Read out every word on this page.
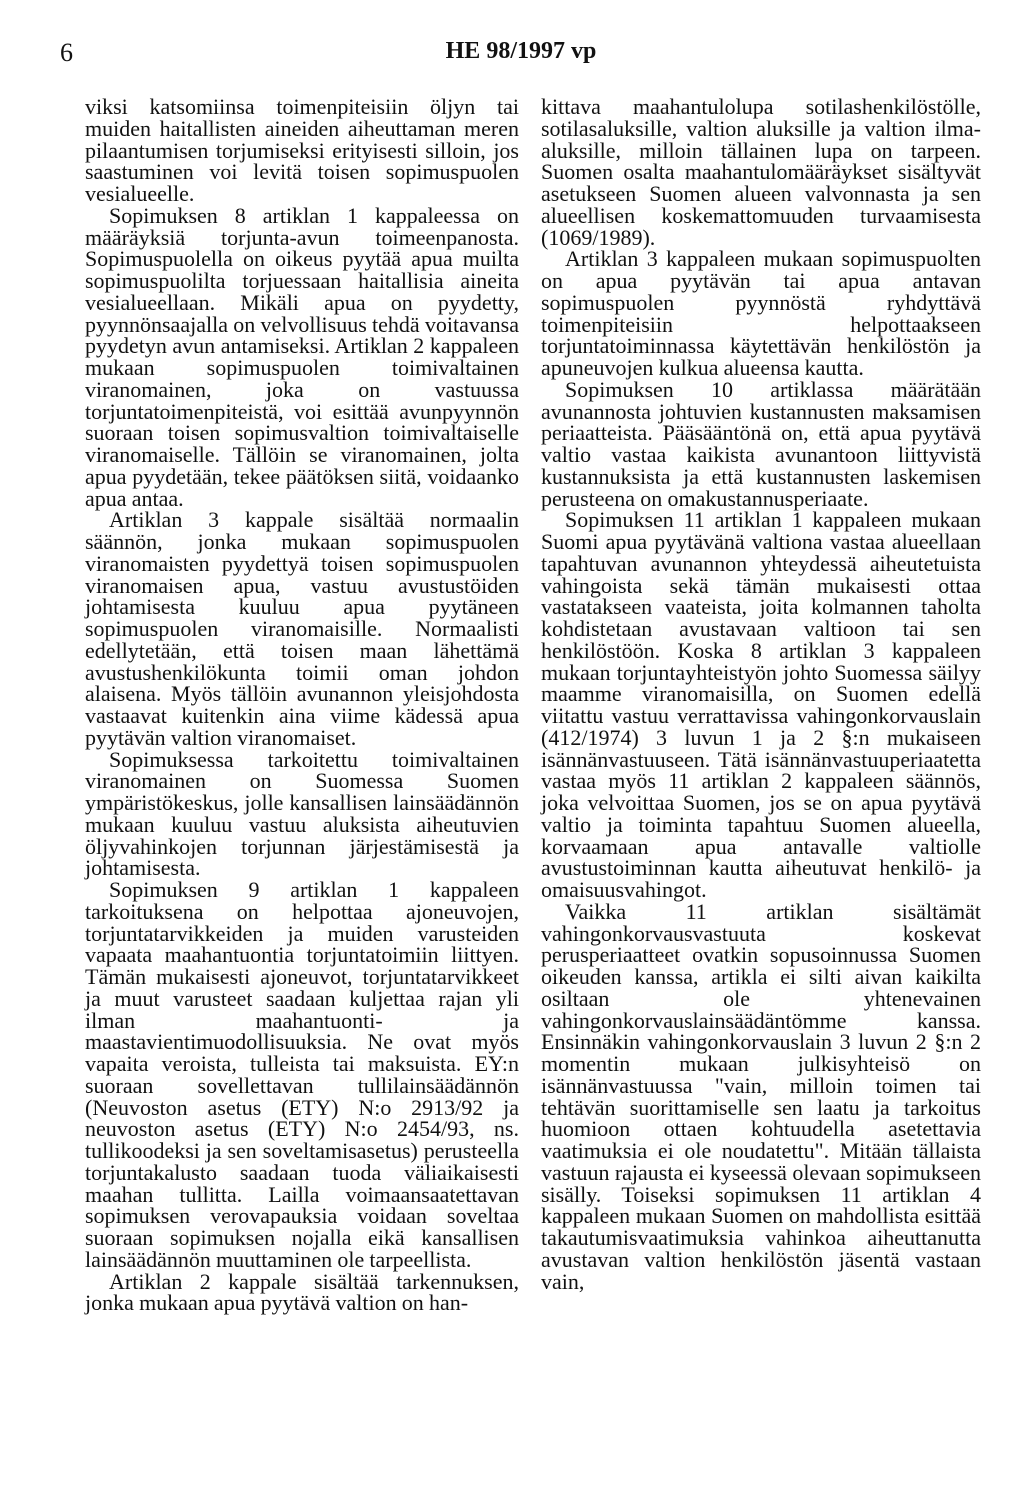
6	HE 98/1997 vp

viksi katsomiinsa toimenpiteisiin öljyn tai muiden haitallisten aineiden aiheuttaman meren pilaantumisen torjumiseksi erityisesti silloin, jos saastuminen voi levitä toisen sopimuspuolen vesialueelle.

Sopimuksen 8 artiklan 1 kappaleessa on määräyksiä torjunta-avun toimeenpanosta. Sopimuspuolella on oikeus pyytää apua muilta sopimuspuolilta torjuessaan haitallisia aineita vesialueellaan. Mikäli apua on pyydetty, pyynnönsaajalla on velvollisuus tehdä voitavansa pyydetyn avun antamiseksi. Artiklan 2 kappaleen mukaan sopimuspuolen toimivaltainen viranomainen, joka on vastuussa torjuntatoimenpiteistä, voi esittää avunpyynnön suoraan toisen sopimusvaltion toimivaltaiselle viranomaiselle. Tällöin se viranomainen, jolta apua pyydetään, tekee päätöksen siitä, voidaanko apua antaa.

Artiklan 3 kappale sisältää normaalin säännön, jonka mukaan sopimuspuolen viranomaisten pyydettyä toisen sopimuspuolen viranomaisen apua, vastuu avustustöiden johtamisesta kuuluu apua pyytäneen sopimuspuolen viranomaisille. Normaalisti edellytetään, että toisen maan lähettämä avustushenkilökunta toimii oman johdon alaisena. Myös tällöin avunannon yleisjohdosta vastaavat kuitenkin aina viime kädessä apua pyytävän valtion viranomaiset.

Sopimuksessa tarkoitettu toimivaltainen viranomainen on Suomessa Suomen ympäristökeskus, jolle kansallisen lainsäädännön mukaan kuuluu vastuu aluksista aiheutuvien öljyvahinkojen torjunnan järjestämisestä ja johtamisesta.

Sopimuksen 9 artiklan 1 kappaleen tarkoituksena on helpottaa ajoneuvojen, torjuntatarvikkeiden ja muiden varusteiden vapaata maahantuontia torjuntatoimiin liittyen. Tämän mukaisesti ajoneuvot, torjuntatarvikkeet ja muut varusteet saadaan kuljettaa rajan yli ilman maahantuonti- ja maastavientimuodollisuuksia. Ne ovat myös vapaita veroista, tulleista tai maksuista. EY:n suoraan sovellettavan tullilainsäädännön (Neuvoston asetus (ETY) N:o 2913/92 ja neuvoston asetus (ETY) N:o 2454/93, ns. tullikoodeksi ja sen soveltamisasetus) perusteella torjuntakalusto saadaan tuoda väliaikaisesti maahan tullitta. Laillа voimaansaatettavan sopimuksen verovapauksia voidaan soveltaa suoraan sopimuksen nojalla eikä kansallisen lainsäädännön muuttaminen ole tarpeellista.

Artiklan 2 kappale sisältää tarkennuksen, jonka mukaan apua pyytävä valtion on han-

kittava maahantulolupa sotilashenkilöstölle, sotilasaluksille, valtion aluksille ja valtion ilma-aluksille, milloin tällainen lupa on tarpeen. Suomen osalta maahantulomääräykset sisältyvät asetukseen Suomen alueen valvonnasta ja sen alueellisen koskemattomuuden turvaamisesta (1069/1989).

Artiklan 3 kappaleen mukaan sopimuspuolten on apua pyytävän tai apua antavan sopimuspuolen pyynnöstä ryhdyttävä toimenpiteisiin helpottaakseen torjuntatoiminnassa käytettävän henkilöstön ja apuneuvojen kulkua alueensa kautta.

Sopimuksen 10 artiklassa määrätään avunannosta johtuvien kustannusten maksamisen periaatteista. Pääsääntönä on, että apua pyytävä valtio vastaa kaikista avunantoon liittyvistä kustannuksista ja että kustannusten laskemisen perusteena on omakustannusperiaate.

Sopimuksen 11 artiklan 1 kappaleen mukaan Suomi apua pyytävänä valtiona vastaa alueellaan tapahtuvan avunannon yhteydessä aiheutetuista vahingoista sekä tämän mukaisesti ottaa vastatakseen vaateista, joita kolmannen taholta kohdistetaan avustavaan valtioon tai sen henkilöstöön. Koska 8 artiklan 3 kappaleen mukaan torjuntayhteistyön johto Suomessa säilyy maamme viranomaisilla, on Suomen edellä viitattu vastuu verrattavissa vahingonkorvauslain (412/1974) 3 luvun 1 ja 2 §:n mukaiseen isännänvastuuseen. Tätä isännänvastuuperiaatetta vastaa myös 11 artiklan 2 kappaleen säännös, joka velvoittaa Suomen, jos se on apua pyytävä valtio ja toiminta tapahtuu Suomen alueella, korvaamaan apua antavalle valtiolle avustustoiminnan kautta aiheutuvat henkilö- ja omaisuusvahingot.

Vaikka 11 artiklan sisältämät vahingonkorvausvastuuta koskevat perusperiaatteet ovatkin sopusoinnussa Suomen oikeuden kanssa, artikla ei silti aivan kaikilta osiltaan ole yhtenevainen vahingonkorvauslainsäädäntömme kanssa. Ensinnäkin vahingonkorvauslain 3 luvun 2 §:n 2 momentin mukaan julkisyhteisö on isännänvastuussa "vain, milloin toimen tai tehtävän suorittamiselle sen laatu ja tarkoitus huomioon ottaen kohtuudella asetettavia vaatimuksia ei ole noudatettu". Mitään tällaista vastuun rajausta ei kyseessä olevaan sopimukseen sisälly. Toiseksi sopimuksen 11 artiklan 4 kappaleen mukaan Suomen on mahdollista esittää takautumisvaatimuksia vahinkoa aiheuttanutta avustavan valtion henkilöstön jäsentä vastaan vain,
